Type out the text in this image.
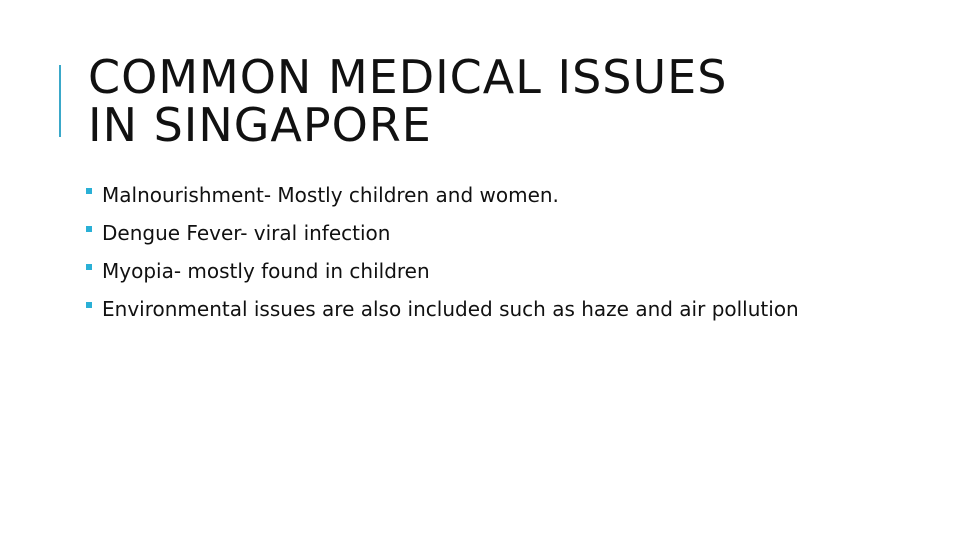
COMMON MEDICAL ISSUES
IN SINGAPORE
Malnourishment- Mostly children and women.
Dengue Fever- viral infection
Myopia- mostly found in children
Environmental issues are also included such as haze and air pollution
